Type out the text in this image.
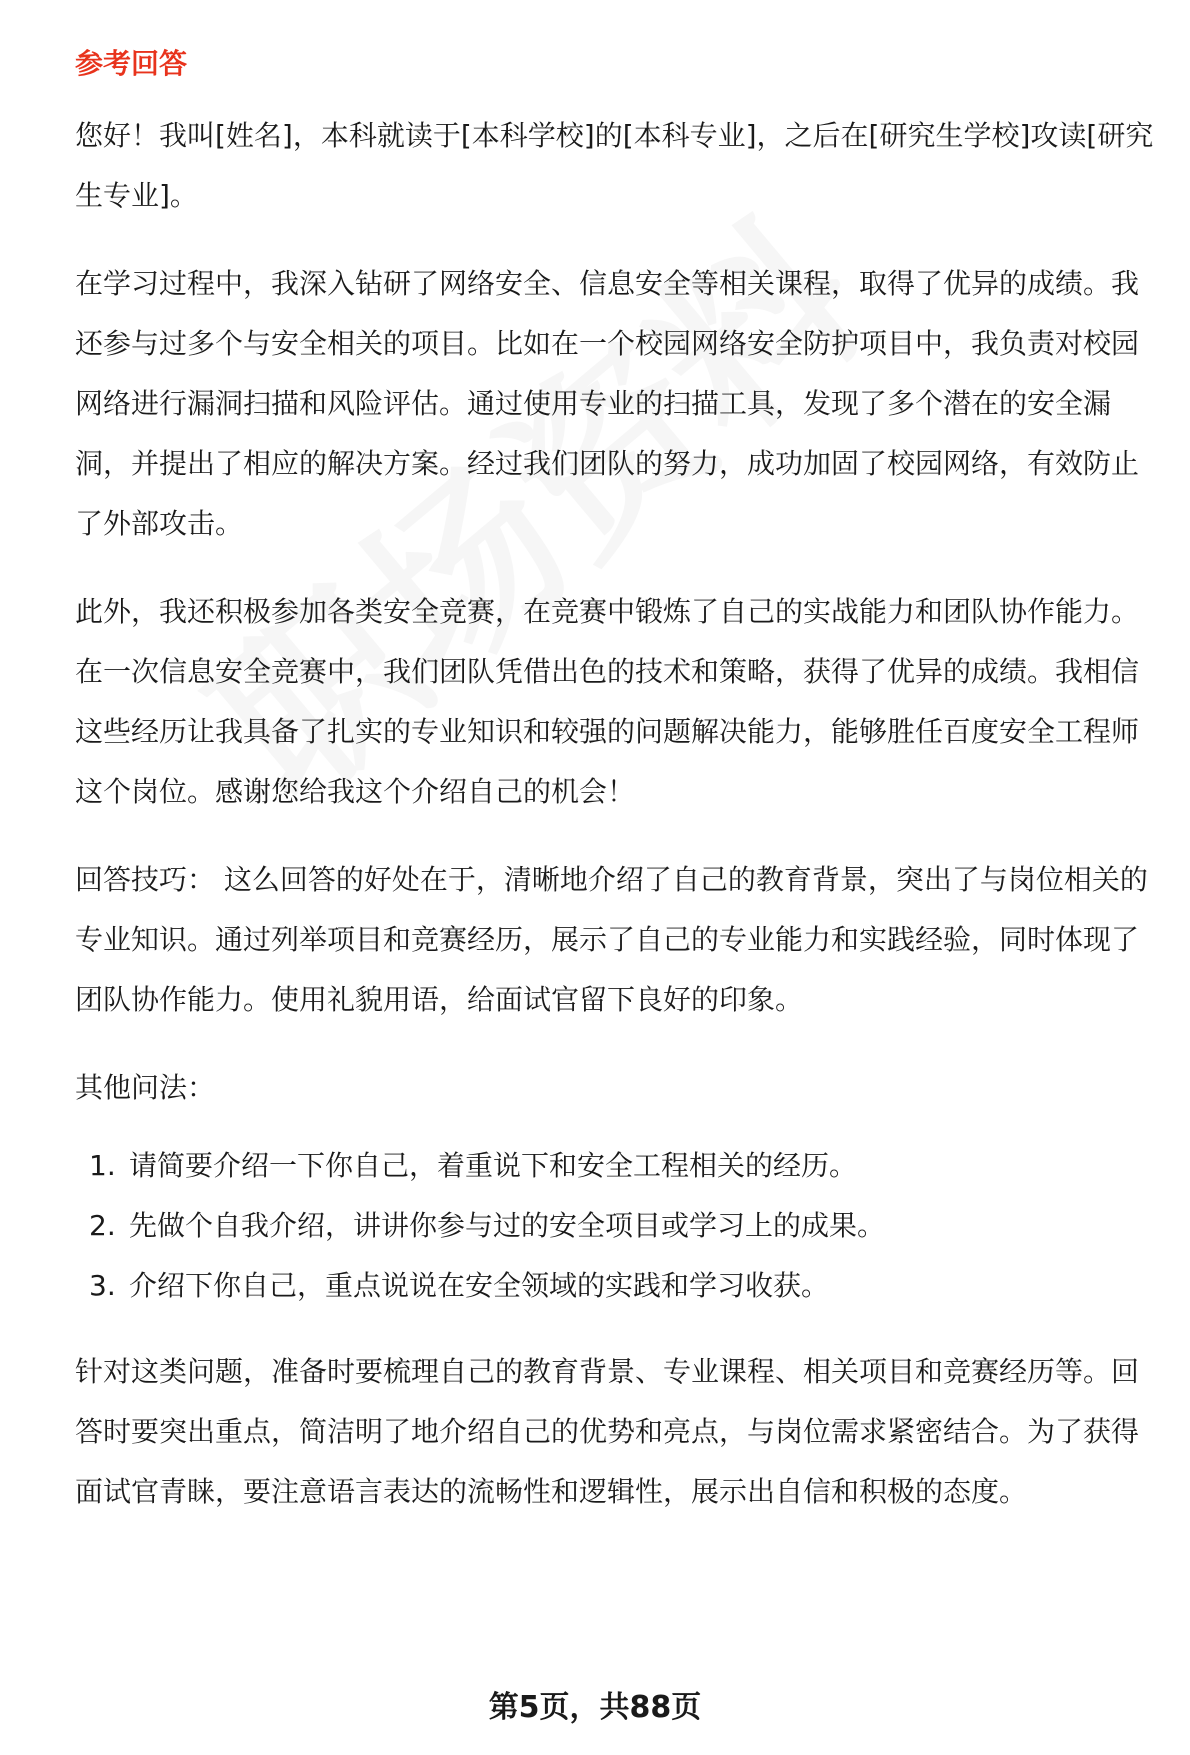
参考回答

您好！我叫[姓名]，本科就读于[本科学校]的[本科专业]，之后在[研究生学校]攻读[研究生专业]。

在学习过程中，我深入钻研了网络安全、信息安全等相关课程，取得了优异的成绩。我还参与过多个与安全相关的项目。比如在一个校园网络安全防护项目中，我负责对校园网络进行漏洞扫描和风险评估。通过使用专业的扫描工具，发现了多个潜在的安全漏洞，并提出了相应的解决方案。经过我们团队的努力，成功加固了校园网络，有效防止了外部攻击。

此外，我还积极参加各类安全竞赛，在竞赛中锻炼了自己的实战能力和团队协作能力。在一次信息安全竞赛中，我们团队凭借出色的技术和策略，获得了优异的成绩。我相信这些经历让我具备了扎实的专业知识和较强的问题解决能力，能够胜任百度安全工程师这个岗位。感谢您给我这个介绍自己的机会！

回答技巧： 这么回答的好处在于，清晰地介绍了自己的教育背景，突出了与岗位相关的专业知识。通过列举项目和竞赛经历，展示了自己的专业能力和实践经验，同时体现了团队协作能力。使用礼貌用语，给面试官留下良好的印象。

其他问法：

1. 请简要介绍一下你自己，着重说下和安全工程相关的经历。
2. 先做个自我介绍，讲讲你参与过的安全项目或学习上的成果。
3. 介绍下你自己，重点说说在安全领域的实践和学习收获。

针对这类问题，准备时要梳理自己的教育背景、专业课程、相关项目和竞赛经历等。回答时要突出重点，简洁明了地介绍自己的优势和亮点，与岗位需求紧密结合。为了获得面试官青睐，要注意语言表达的流畅性和逻辑性，展示出自信和积极的态度。

第5页，共88页
